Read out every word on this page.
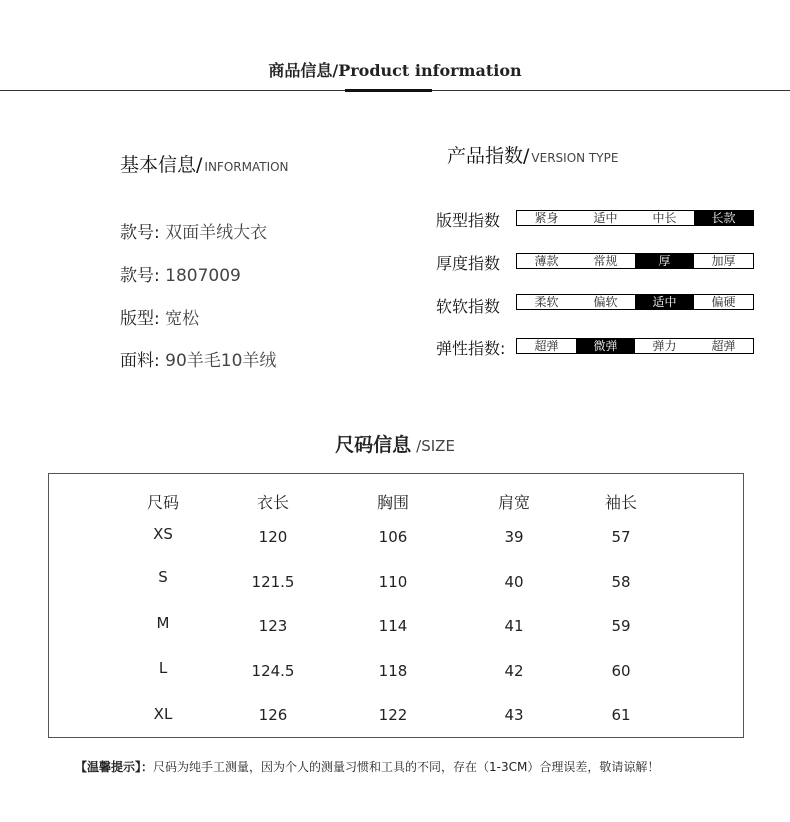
商品信息/Product information
基本信息/ INFORMATION
款号: 双面羊绒大衣
款号: 1807009
版型: 宽松
面料: 90羊毛10羊绒
产品指数/ VERSION TYPE
版型指数	紧身	适中	中长	长款
厚度指数	薄款	常规	厚	加厚
软软指数	柔软	偏软	适中	偏硬
弹性指数:	超弹	微弹	弹力	超弹
尺码信息 /SIZE
尺码	衣长	胸围	肩宽	袖长
XS	120	106	39	57
S	121.5	110	40	58
M	123	114	41	59
L	124.5	118	42	60
XL	126	122	43	61
【温馨提示】：尺码为纯手工测量，因为个人的测量习惯和工具的不同，存在（1-3CM）合理误差，敬请谅解！
